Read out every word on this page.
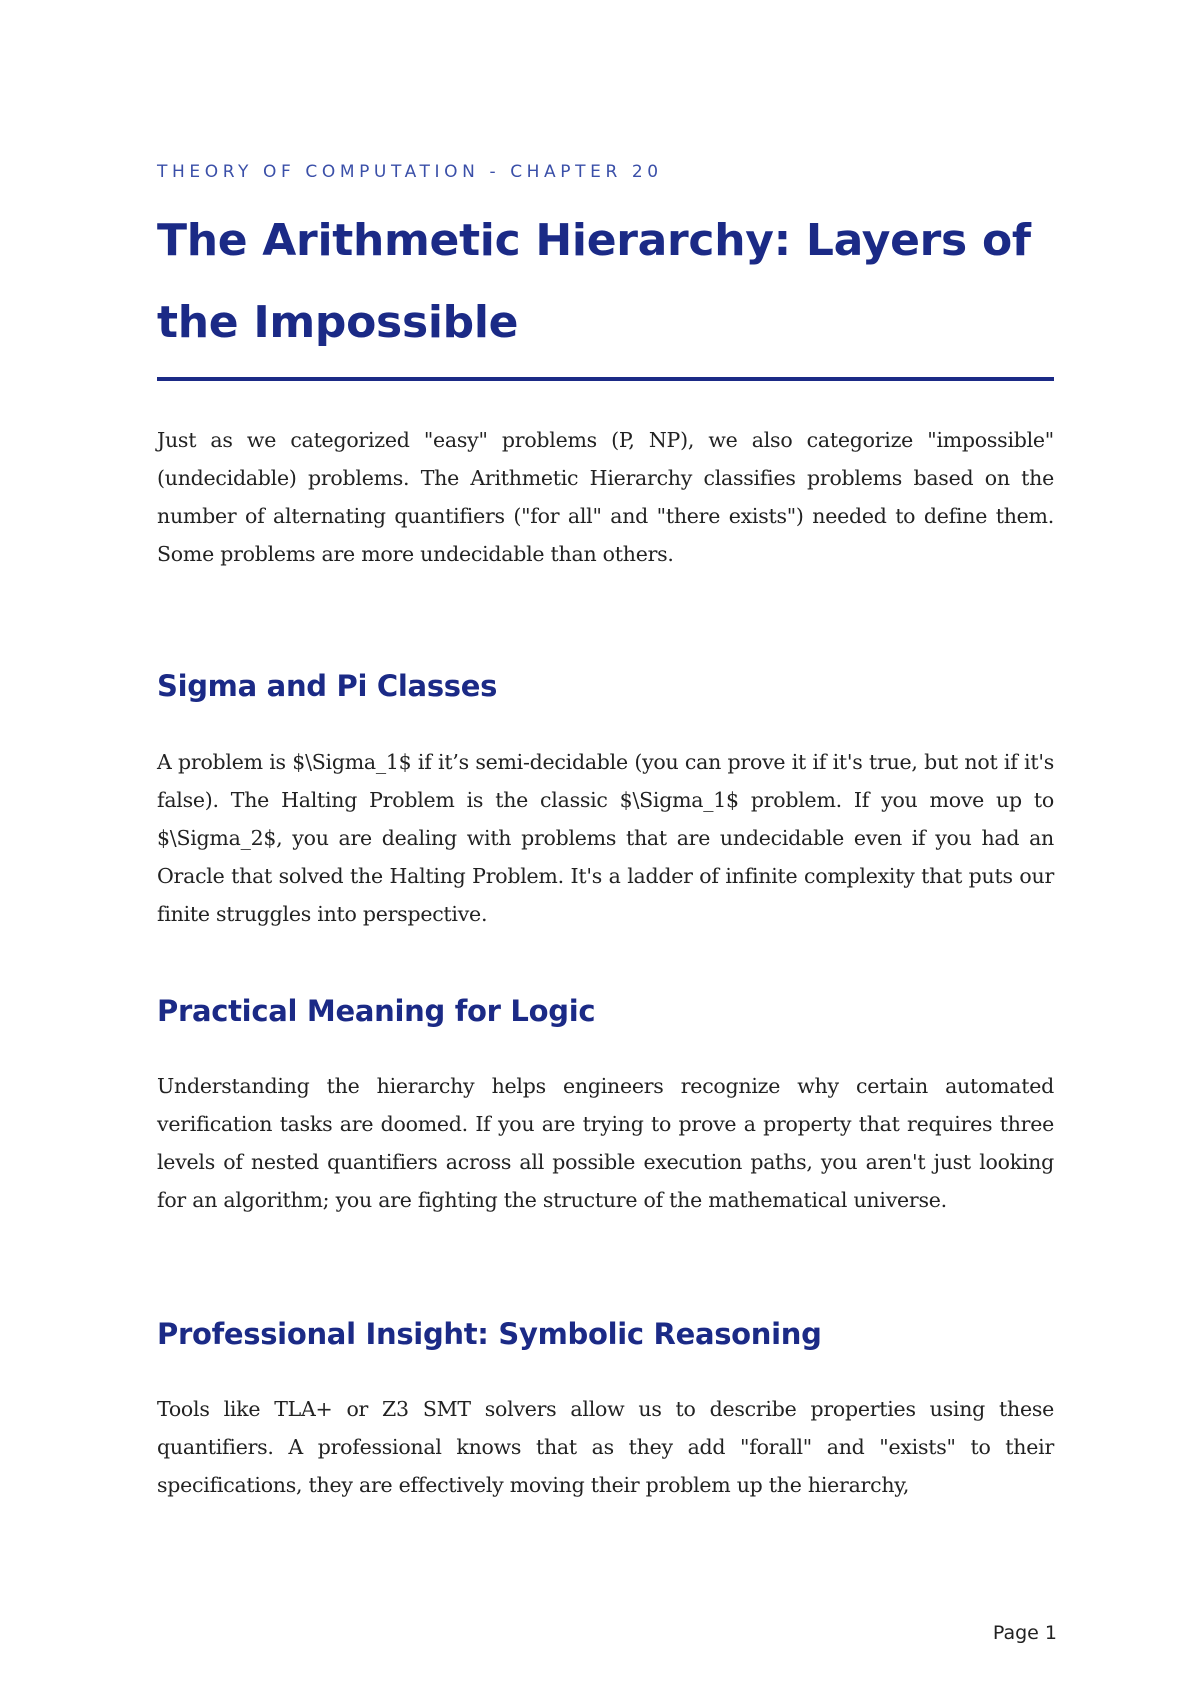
THEORY OF COMPUTATION - CHAPTER 20
The Arithmetic Hierarchy: Layers of the Impossible

Just as we categorized "easy" problems (P, NP), we also categorize "impossible" (undecidable) problems. The Arithmetic Hierarchy classifies problems based on the number of alternating quantifiers ("for all" and "there exists") needed to define them. Some problems are more undecidable than others.

Sigma and Pi Classes

A problem is $\Sigma_1$ if it’s semi-decidable (you can prove it if it's true, but not if it's false). The Halting Problem is the classic $\Sigma_1$ problem. If you move up to $\Sigma_2$, you are dealing with problems that are undecidable even if you had an Oracle that solved the Halting Problem. It's a ladder of infinite complexity that puts our finite struggles into perspective.

Practical Meaning for Logic

Understanding the hierarchy helps engineers recognize why certain automated verification tasks are doomed. If you are trying to prove a property that requires three levels of nested quantifiers across all possible execution paths, you aren't just looking for an algorithm; you are fighting the structure of the mathematical universe.

Professional Insight: Symbolic Reasoning

Tools like TLA+ or Z3 SMT solvers allow us to describe properties using these quantifiers. A professional knows that as they add "forall" and "exists" to their specifications, they are effectively moving their problem up the hierarchy,

Page 1
